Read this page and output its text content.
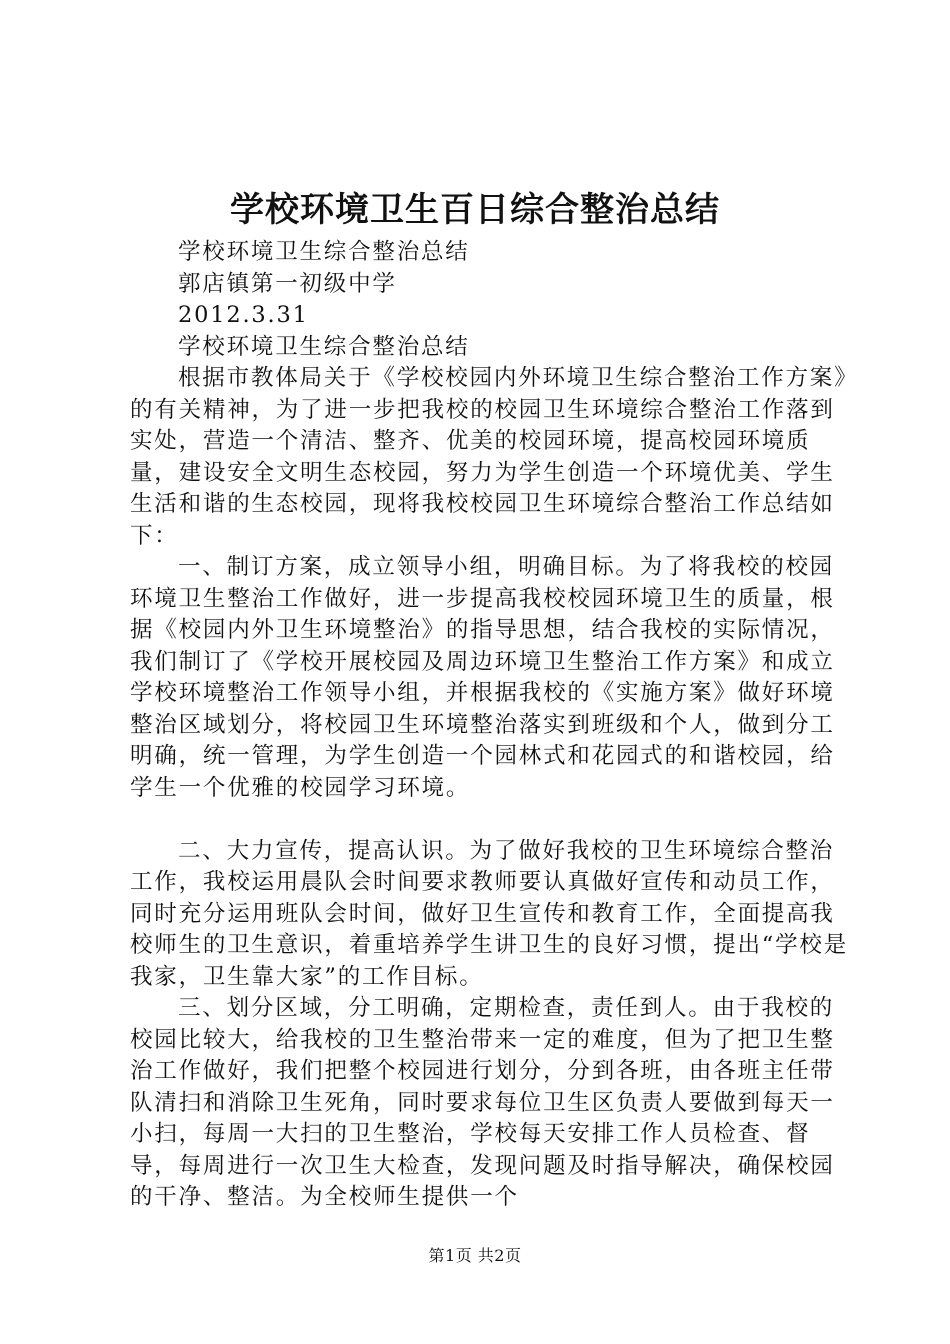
学校环境卫生百日综合整治总结

学校环境卫生综合整治总结

郭店镇第一初级中学

2012.3.31

学校环境卫生综合整治总结

根据市教体局关于《学校校园内外环境卫生综合整治工作方案》的有关精神，为了进一步把我校的校园卫生环境综合整治工作落到实处，营造一个清洁、整齐、优美的校园环境，提高校园环境质量，建设安全文明生态校园，努力为学生创造一个环境优美、学生生活和谐的生态校园，现将我校校园卫生环境综合整治工作总结如下：

一、制订方案，成立领导小组，明确目标。为了将我校的校园环境卫生整治工作做好，进一步提高我校校园环境卫生的质量，根据《校园内外卫生环境整治》的指导思想，结合我校的实际情况，我们制订了《学校开展校园及周边环境卫生整治工作方案》和成立学校环境整治工作领导小组，并根据我校的《实施方案》做好环境整治区域划分，将校园卫生环境整治落实到班级和个人，做到分工明确，统一管理，为学生创造一个园林式和花园式的和谐校园，给学生一个优雅的校园学习环境。

二、大力宣传，提高认识。为了做好我校的卫生环境综合整治工作，我校运用晨队会时间要求教师要认真做好宣传和动员工作，同时充分运用班队会时间，做好卫生宣传和教育工作，全面提高我校师生的卫生意识，着重培养学生讲卫生的良好习惯，提出“学校是我家，卫生靠大家”的工作目标。

三、划分区域，分工明确，定期检查，责任到人。由于我校的校园比较大，给我校的卫生整治带来一定的难度，但为了把卫生整治工作做好，我们把整个校园进行划分，分到各班，由各班主任带队清扫和消除卫生死角，同时要求每位卫生区负责人要做到每天一小扫，每周一大扫的卫生整治，学校每天安排工作人员检查、督导，每周进行一次卫生大检查，发现问题及时指导解决，确保校园的干净、整洁。为全校师生提供一个

第1页 共2页
